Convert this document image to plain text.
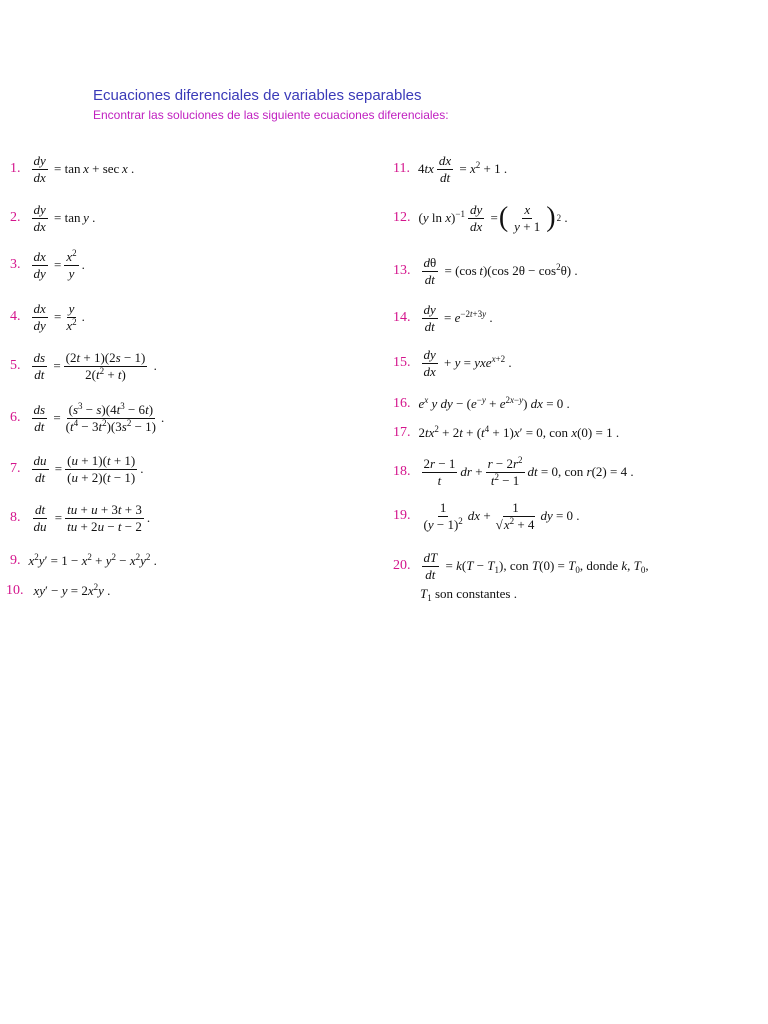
Ecuaciones diferenciales de variables separables
Encontrar las soluciones de las siguiente ecuaciones diferenciales:
1. $\frac{dy}{dx} = \tan x + \sec x$ .
2. $\frac{dy}{dx} = \tan y$ .
3. $\frac{dx}{dy} = \frac{x^2}{y}$ .
4. $\frac{dx}{dy} = \frac{y}{x^2}$ .
5. $\frac{ds}{dt} = \frac{(2t + 1)(2s - 1)}{2(t^2 + t)}$ .
6. $\frac{ds}{dt} = \frac{(s^3 - s)(4t^3 - 6t)}{(t^4 - 3t^2)(3s^2 - 1)}$ .
7. $\frac{du}{dt} = \frac{(u + 1)(t + 1)}{(u + 2)(t - 1)}$ .
8. $\frac{dt}{du} = \frac{tu + u + 3t + 3}{tu + 2u - t - 2}$ .
9. $x^2y' = 1 - x^2 + y^2 - x^2y^2$ .
10. $xy' - y = 2x^2y$ .
11. $4tx \frac{dx}{dt} = x^2 + 1$ .
12. (y $\ln x)^{-1} \frac{dy}{dx}$ = ( $\frac{x}{y + 1}$ ) 2 .
13. $\frac{d\theta}{dt} = (\cos$ t)(cos $2\theta - \cos^2\theta$) .
14. $\frac{dy}{dt} = e^{-2t+3y}$ .
15. $\frac{dy}{dx} + y = yxe^{x+2}$ .
16. $e^x$ y dy − $(e^{-y} + e^{2x-y})$ dx = 0 .
17. $2tx^2 + 2t + (t^4 + 1)x' = 0$, con x(0) = 1 .
18. $\frac{2r - 1}{t}$ dr + $\frac{r - 2r^2}{t^2 - 1}$ dt = 0, con r(2) = 4 .
19. $\frac{1}{(y - 1)^2}$ dx + $\frac{1}{√x^2 + 4}$ dy = 0 .
20. $\frac{dT}{dt} = k(T - T_1)$, con $T(0) = T_0$, donde k, $T_0$,
$T_1$ son constantes .
